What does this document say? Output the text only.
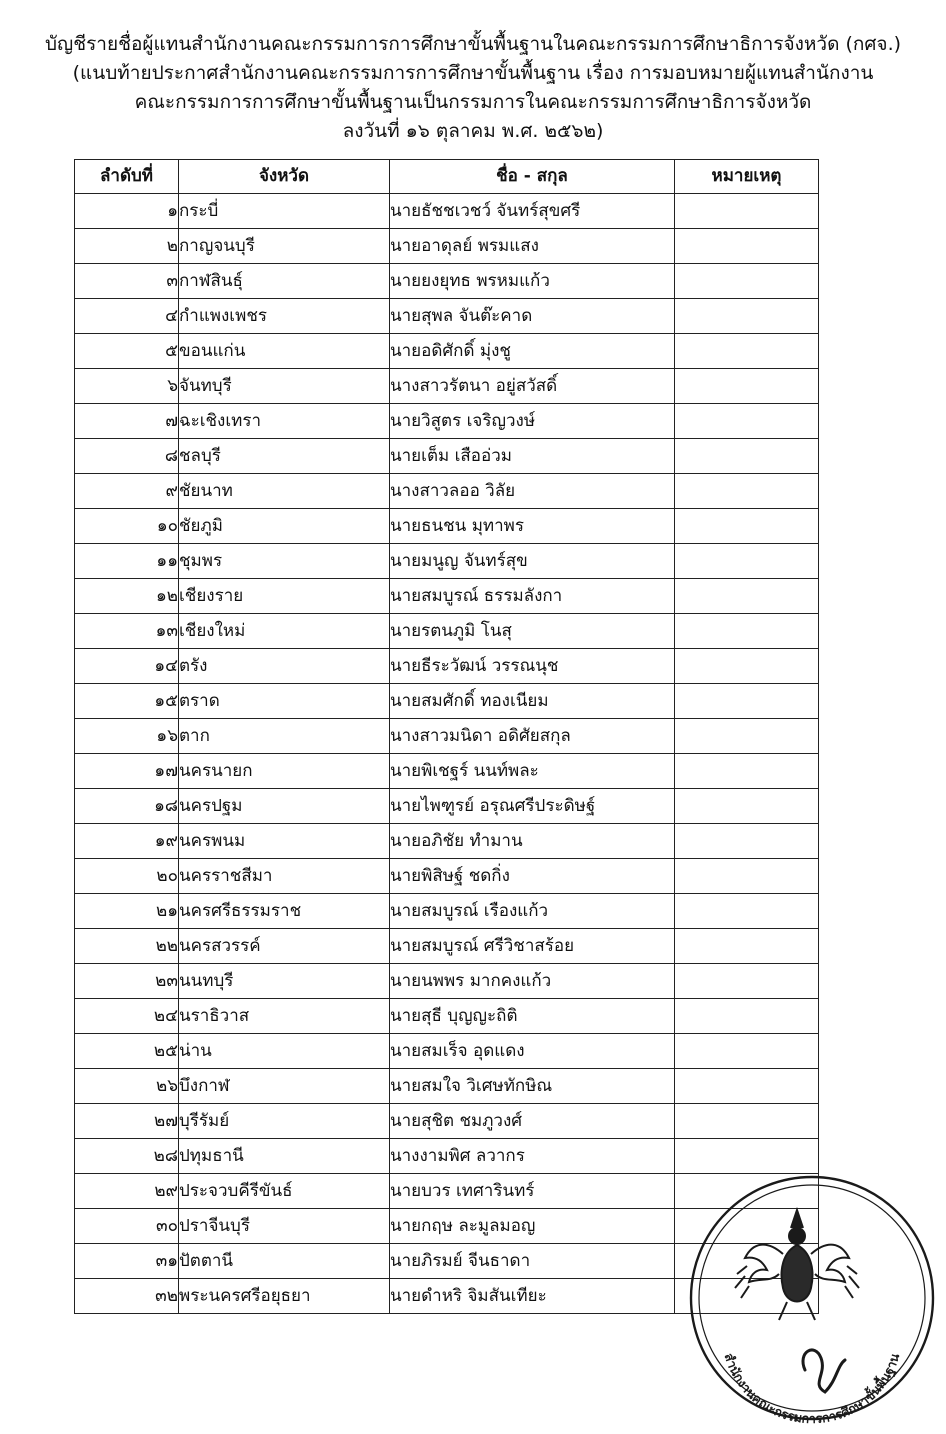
บัญชีรายชื่อผู้แทนสำนักงานคณะกรรมการการศึกษาขั้นพื้นฐานในคณะกรรมการศึกษาธิการจังหวัด (กศจ.)
(แนบท้ายประกาศสำนักงานคณะกรรมการการศึกษาขั้นพื้นฐาน เรื่อง การมอบหมายผู้แทนสำนักงาน
คณะกรรมการการศึกษาขั้นพื้นฐานเป็นกรรมการในคณะกรรมการศึกษาธิการจังหวัด
ลงวันที่ ๑๖ ตุลาคม พ.ศ. ๒๕๖๒)
ลำดับที่	จังหวัด	ชื่อ - สกุล	หมายเหตุ
๑	กระบี่	นายธัชชเวชว์ จันทร์สุขศรี	
๒	กาญจนบุรี	นายอาดุลย์ พรมแสง	
๓	กาฬสินธุ์	นายยงยุทธ พรหมแก้ว	
๔	กำแพงเพชร	นายสุพล จันต๊ะคาด	
๕	ขอนแก่น	นายอดิศักดิ์ มุ่งชู	
๖	จันทบุรี	นางสาวรัตนา อยู่สวัสดิ์	
๗	ฉะเชิงเทรา	นายวิสูตร เจริญวงษ์	
๘	ชลบุรี	นายเต็ม เสืออ่วม	
๙	ชัยนาท	นางสาวลออ วิลัย	
๑๐	ชัยภูมิ	นายธนชน มุทาพร	
๑๑	ชุมพร	นายมนูญ จันทร์สุข	
๑๒	เชียงราย	นายสมบูรณ์ ธรรมลังกา	
๑๓	เชียงใหม่	นายรตนภูมิ โนสุ	
๑๔	ตรัง	นายธีระวัฒน์ วรรณนุช	
๑๕	ตราด	นายสมศักดิ์ ทองเนียม	
๑๖	ตาก	นางสาวมนิดา อดิศัยสกุล	
๑๗	นครนายก	นายพิเชฐร์ นนท์พละ	
๑๘	นครปฐม	นายไพฑูรย์ อรุณศรีประดิษฐ์	
๑๙	นครพนม	นายอภิชัย ทำมาน	
๒๐	นครราชสีมา	นายพิสิษฐ์ ชดกิ่ง	
๒๑	นครศรีธรรมราช	นายสมบูรณ์ เรืองแก้ว	
๒๒	นครสวรรค์	นายสมบูรณ์ ศรีวิชาสร้อย	
๒๓	นนทบุรี	นายนพพร มากคงแก้ว	
๒๔	นราธิวาส	นายสุธี บุญญะถิติ	
๒๕	น่าน	นายสมเร็จ อุดแดง	
๒๖	บึงกาฬ	นายสมใจ วิเศษทักษิณ	
๒๗	บุรีรัมย์	นายสุชิต ชมภูวงศ์	
๒๘	ปทุมธานี	นางงามพิศ ลวากร	
๒๙	ประจวบคีรีขันธ์	นายบวร เทศารินทร์	
๓๐	ปราจีนบุรี	นายกฤษ ละมูลมอญ	
๓๑	ปัตตานี	นายภิรมย์ จีนธาดา	
๓๒	พระนครศรีอยุธยา	นายดำหริ จิมสันเทียะ	
สำนักงานคณะกรรมการการศึกษาขั้นพื้นฐาน
